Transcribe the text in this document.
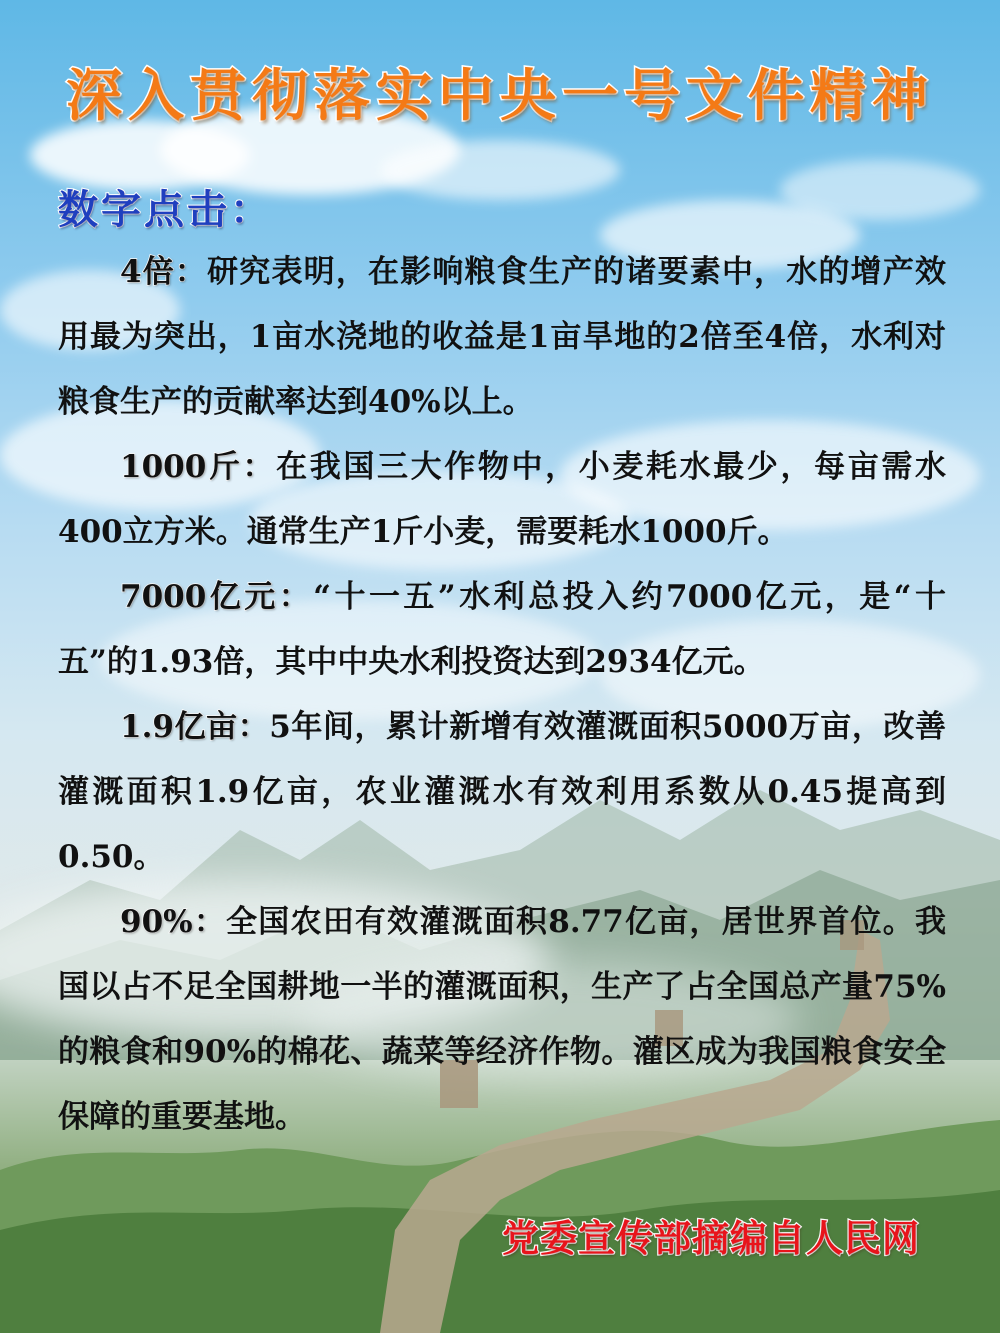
深入贯彻落实中央一号文件精神
数字点击：

4倍：研究表明，在影响粮食生产的诸要素中，水的增产效用最为突出，1亩水浇地的收益是1亩旱地的2倍至4倍，水利对粮食生产的贡献率达到40%以上。

1000斤：在我国三大作物中，小麦耗水最少，每亩需水400立方米。通常生产1斤小麦，需要耗水1000斤。

7000亿元：“十一五”水利总投入约7000亿元，是“十五”的1.93倍，其中中央水利投资达到2934亿元。

1.9亿亩：5年间，累计新增有效灌溉面积5000万亩，改善灌溉面积1.9亿亩，农业灌溉水有效利用系数从0.45提高到0.50。

90%：全国农田有效灌溉面积8.77亿亩，居世界首位。我国以占不足全国耕地一半的灌溉面积，生产了占全国总产量75%的粮食和90%的棉花、蔬菜等经济作物。灌区成为我国粮食安全保障的重要基地。

党委宣传部摘编自人民网
